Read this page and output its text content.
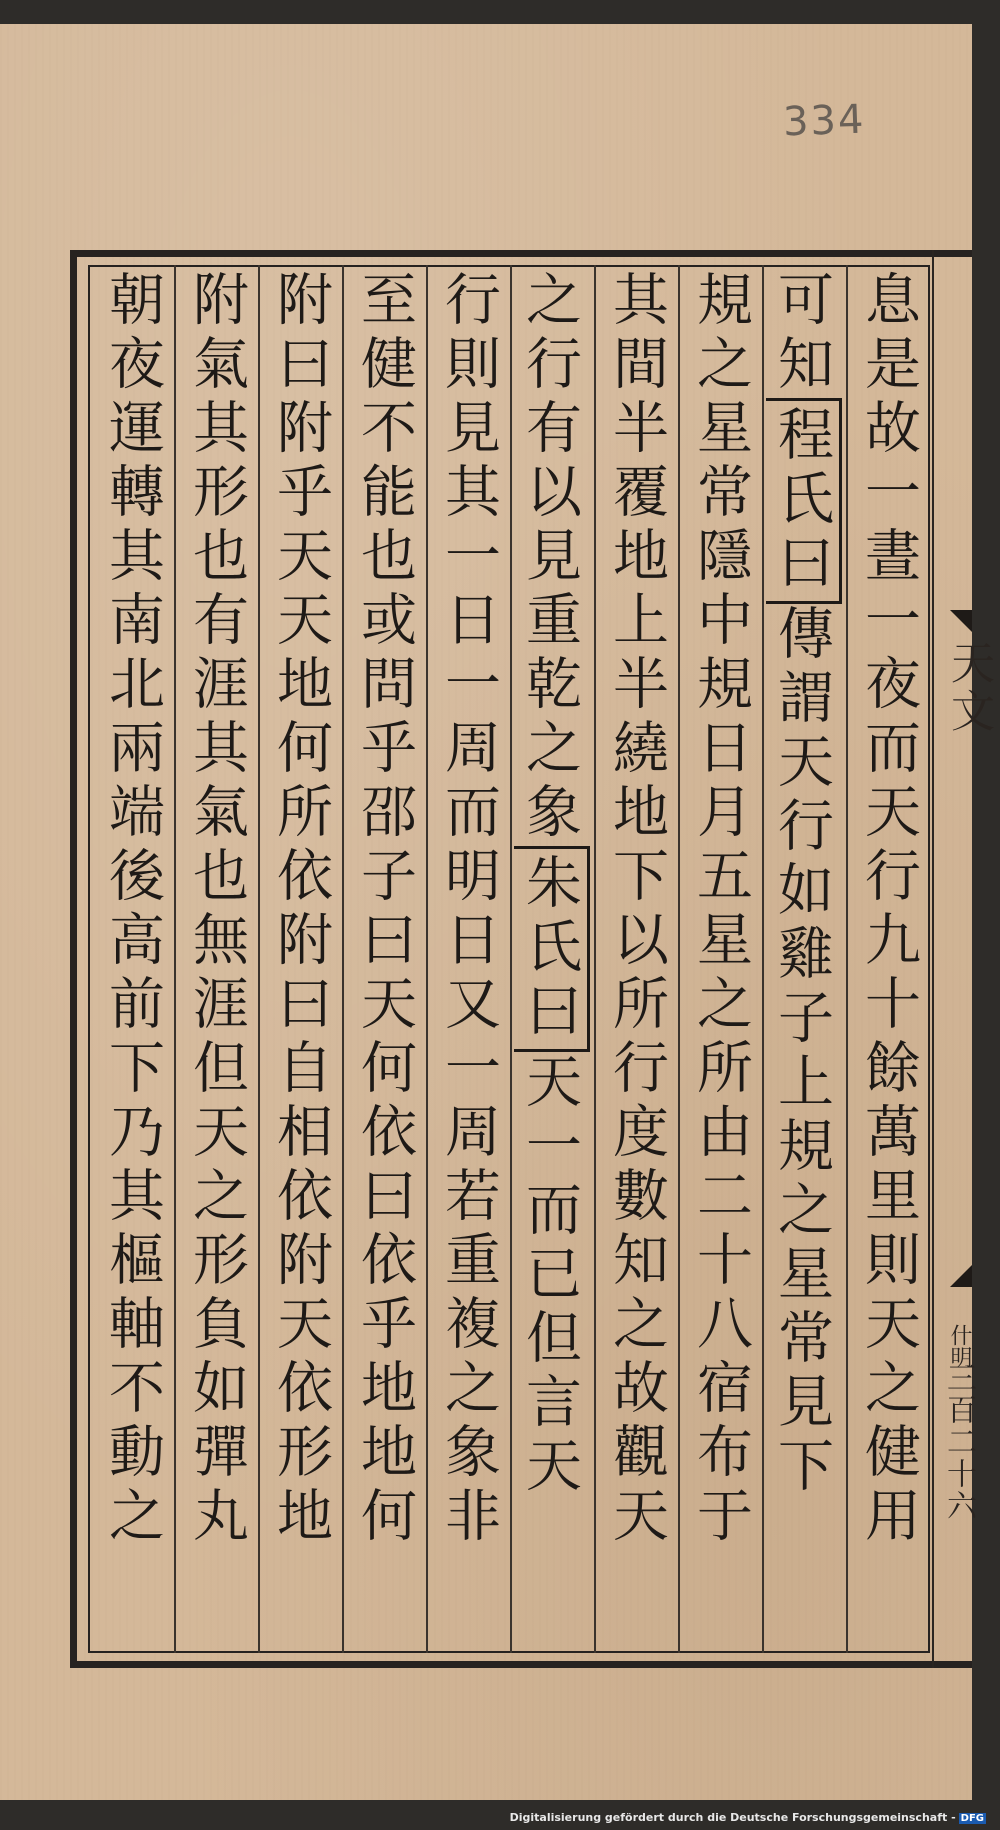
334
息是故一晝一夜而天行九十餘萬里則天之健用
可知程氏曰傳謂天行如雞子上規之星常見下
規之星常隱中規日月五星之所由二十八宿布于
其間半覆地上半繞地下以所行度數知之故觀天
之行有以見重乾之象朱氏曰天一而已但言天
行則見其一日一周而明日又一周若重複之象非
至健不能也或問乎邵子曰天何依曰依乎地地何
附曰附乎天天地何所依附曰自相依附天依形地
附氣其形也有涯其氣也無涯但天之形負如彈丸
朝夜運轉其南北兩端後高前下乃其樞軸不動之	天文
什明
三百二十六
Digitalisierung gefördert durch die Deutsche Forschungsgemeinschaft - DFG
